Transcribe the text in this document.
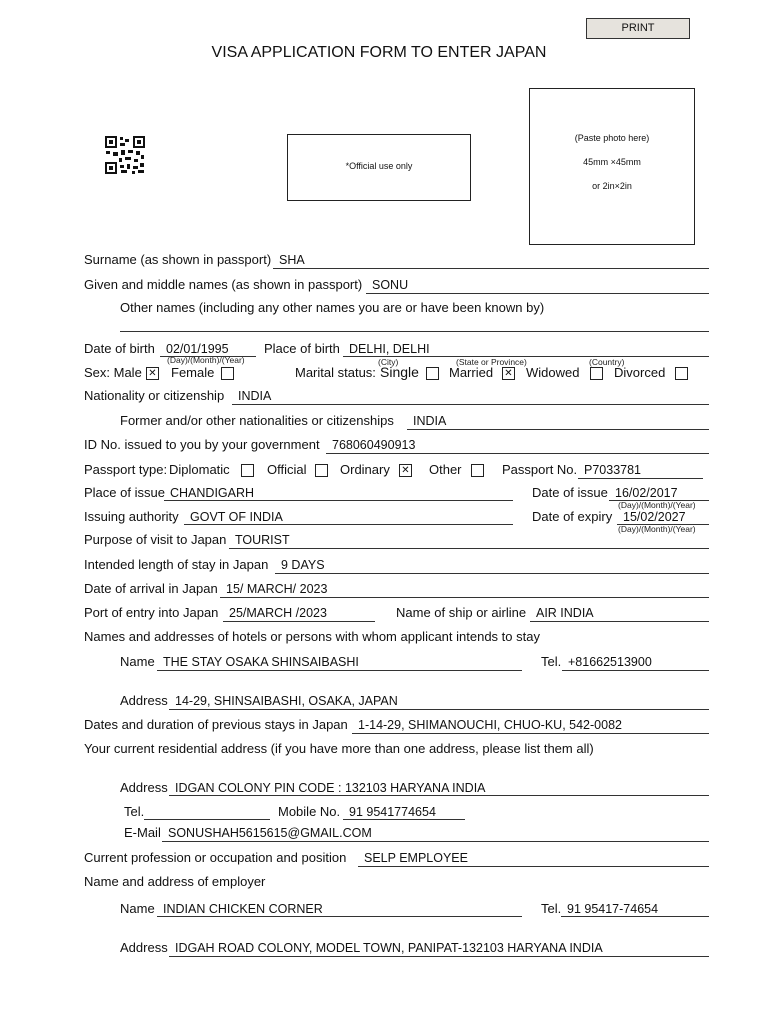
PRINT
VISA APPLICATION FORM TO ENTER JAPAN
*Official use only
(Paste photo here)
45mm ×45mm
or 2in×2in
Surname (as shown in passport) SHA
Given and middle names (as shown in passport) SONU
Other names (including any other names you are or have been known by)
Date of birth 02/01/1995
(Day)/(Month)/(Year)
Place of birth DELHI, DELHI
(City)	(State or Province)	(Country)
Sex: Male ✕ Female	Marital status: Single Married ✕	Widowed	Divorced
Nationality or citizenship INDIA
Former and/or other nationalities or citizenships INDIA
ID No. issued to you by your government 768060490913
Passport type: Diplomatic	Official	Ordinary ✕	Other	Passport No. P7033781
Place of issue CHANDIGARH	Date of issue 16/02/2017
(Day)/(Month)/(Year)
Issuing authority GOVT OF INDIA	Date of expiry 15/02/2027
(Day)/(Month)/(Year)
Purpose of visit to Japan TOURIST
Intended length of stay in Japan 9 DAYS
Date of arrival in Japan 15/ MARCH/ 2023
Port of entry into Japan 25/MARCH /2023	Name of ship or airline AIR INDIA
Names and addresses of hotels or persons with whom applicant intends to stay
Name THE STAY OSAKA SHINSAIBASHI	Tel. +81662513900
Address 14-29, SHINSAIBASHI, OSAKA, JAPAN
Dates and duration of previous stays in Japan 1-14-29, SHIMANOUCHI, CHUO-KU, 542-0082
Your current residential address (if you have more than one address, please list them all)
Address IDGAN COLONY PIN CODE : 132103 HARYANA INDIA
Tel.	Mobile No. 91 9541774654
E-Mail SONUSHAH5615615@GMAIL.COM
Current profession or occupation and position SELP EMPLOYEE
Name and address of employer
Name INDIAN CHICKEN CORNER	Tel. 91 95417-74654
Address IDGAH ROAD COLONY, MODEL TOWN, PANIPAT-132103 HARYANA INDIA
